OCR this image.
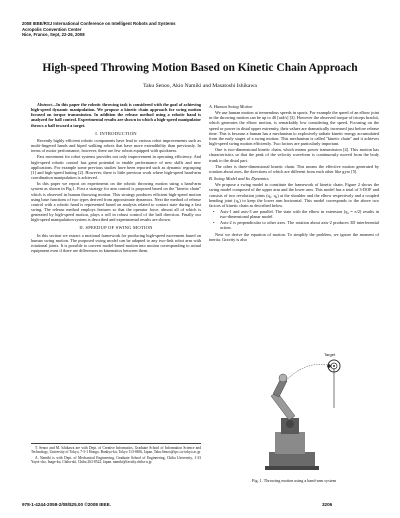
2008 IEEE/RSJ International Conference on Intelligent Robots and Systems
Acropolis Convention Center
Nice, France, Sept, 22-26, 2008
High-speed Throwing Motion Based on Kinetic Chain Approach
Taku Senoo, Akio Namiki and Masatoshi Ishikawa

Abstract—In this paper the robotic throwing task is considered with the goal of achieving high-speed dynamic manipulation. We propose a kinetic chain approach for swing motion focused on torque transmission. In addition the release method using a robotic hand is analyzed for ball control. Experimental results are shown in which a high-speed manipulator throws a ball toward a target.

I. INTRODUCTION

Recently highly efficient robotic components have lead to various robot improvements such as multi-fingered hands and biped walking robots that have more extendibility than previously. In terms of motor performance, however, there are few robots equipped with quickness.

Fast movement for robot systems provides not only improvement in operating efficiency. And high-speed robotic control has great potential to enable performance of new skills and new applications. For example some previous studies have been reported such as dynamic regrasping [1] and high-speed batting [2]. However, there is little previous work where high-speed hand-arm coordination manipulation is achieved.

In this paper we report on experiments on the robotic throwing motion using a hand-arm system as shown in Fig.1. First a strategy for arm control is proposed based on the "kinetic chain" which is observed in human throwing motion. This strategy produces efficient high-speed motion using base functions of two types derived from approximate dynamics. Next the method of release control with a robotic hand is represented based on analysis related to contact state during a fast swing. The release method employs features so that the operator force, almost all of which is generated by high-speed motion, plays a roll in robust control of the ball direction. Finally our high-speed manipulation system is described and experimental results are shown.

II. SPEEDUP OF SWING MOTION

In this section we extract a motional framework for producing high-speed movement based on human swing motion. The proposed swing model can be adapted to any two-link robot arm with rotational joints. It is possible to convert model-based motion into motion corresponding to actual equipment even if there are differences in kinematics between them.

T. Senoo and M. Ishikawa are with Dept. of Creative Informatics, Graduate School of Information Science and Technology, University of Tokyo, 7-3-1 Hongo, Bunkyo-ku, Tokyo 113-8656, Japan. Taku.Senoo@ipc.i.u-tokyo.ac.jp

A. Namiki is with Dept. of Mechanical Engineering, Graduate School of Engineering, Chiba University, 1-33 Yayoi-cho, Inage-ku, Chiba-shi, Chiba 263-8522, Japan. namiki@faculty.chiba-u.jp

A. Human Swing Motion

We use human motion at tremendous speeds in sports. For example the speed of an elbow joint in the throwing motion can be up to 40 [rad/s] [3]. However the observed torque of triceps brachii, which generates the elbow motion, is remarkably low considering the speed. Focusing on the speed or power in distal upper extremity, their values are dramatically increased just before release time. This is because a human has a mechanism to explosively radiate kinetic energy accumulated from the early stages of a swing motion. This mechanism is called "kinetic chain" and it achieves high-speed swing motion efficiently. Two factors are particularly important.

One is two-dimensional kinetic chain, which means power transmission [4]. This motion has characteristics so that the peak of the velocity waveform is continuously moved from the body trunk to the distal part.

The other is three-dimensional kinetic chain. This means the effective motion generated by rotation about axes, the directions of which are different from each other like gyro [5].

B. Swing Model and Its Dynamics

We propose a swing model to constitute the framework of kinetic chain. Figure 2 shows the swing model composed of the upper arm and the lower arm. This model has a total of 3-DOF and consists of two revolution joints (q₁, q₂) at the shoulder and the elbow respectively and a coupled bending joint (q₃) to keep the lower arm horizontal. This model corresponds to the above two factors of kinetic chain as described below.

• Axis-1 and axis-3 are parallel. The state with the elbow in extension (q₂ = π/2) results in two-dimensional planar model.
• Axis-2 is perpendicular to other axes. The rotation about axis-2 produces 3D interferential action.

Next we derive the equation of motion. To simplify the problem, we ignore the moment of inertia. Gravity is also

Target
Fig. 1. Throwing motion using a hand-arm system
978-1-4244-2058-2/08/$25.00 ©2008 IEEE.	3206
